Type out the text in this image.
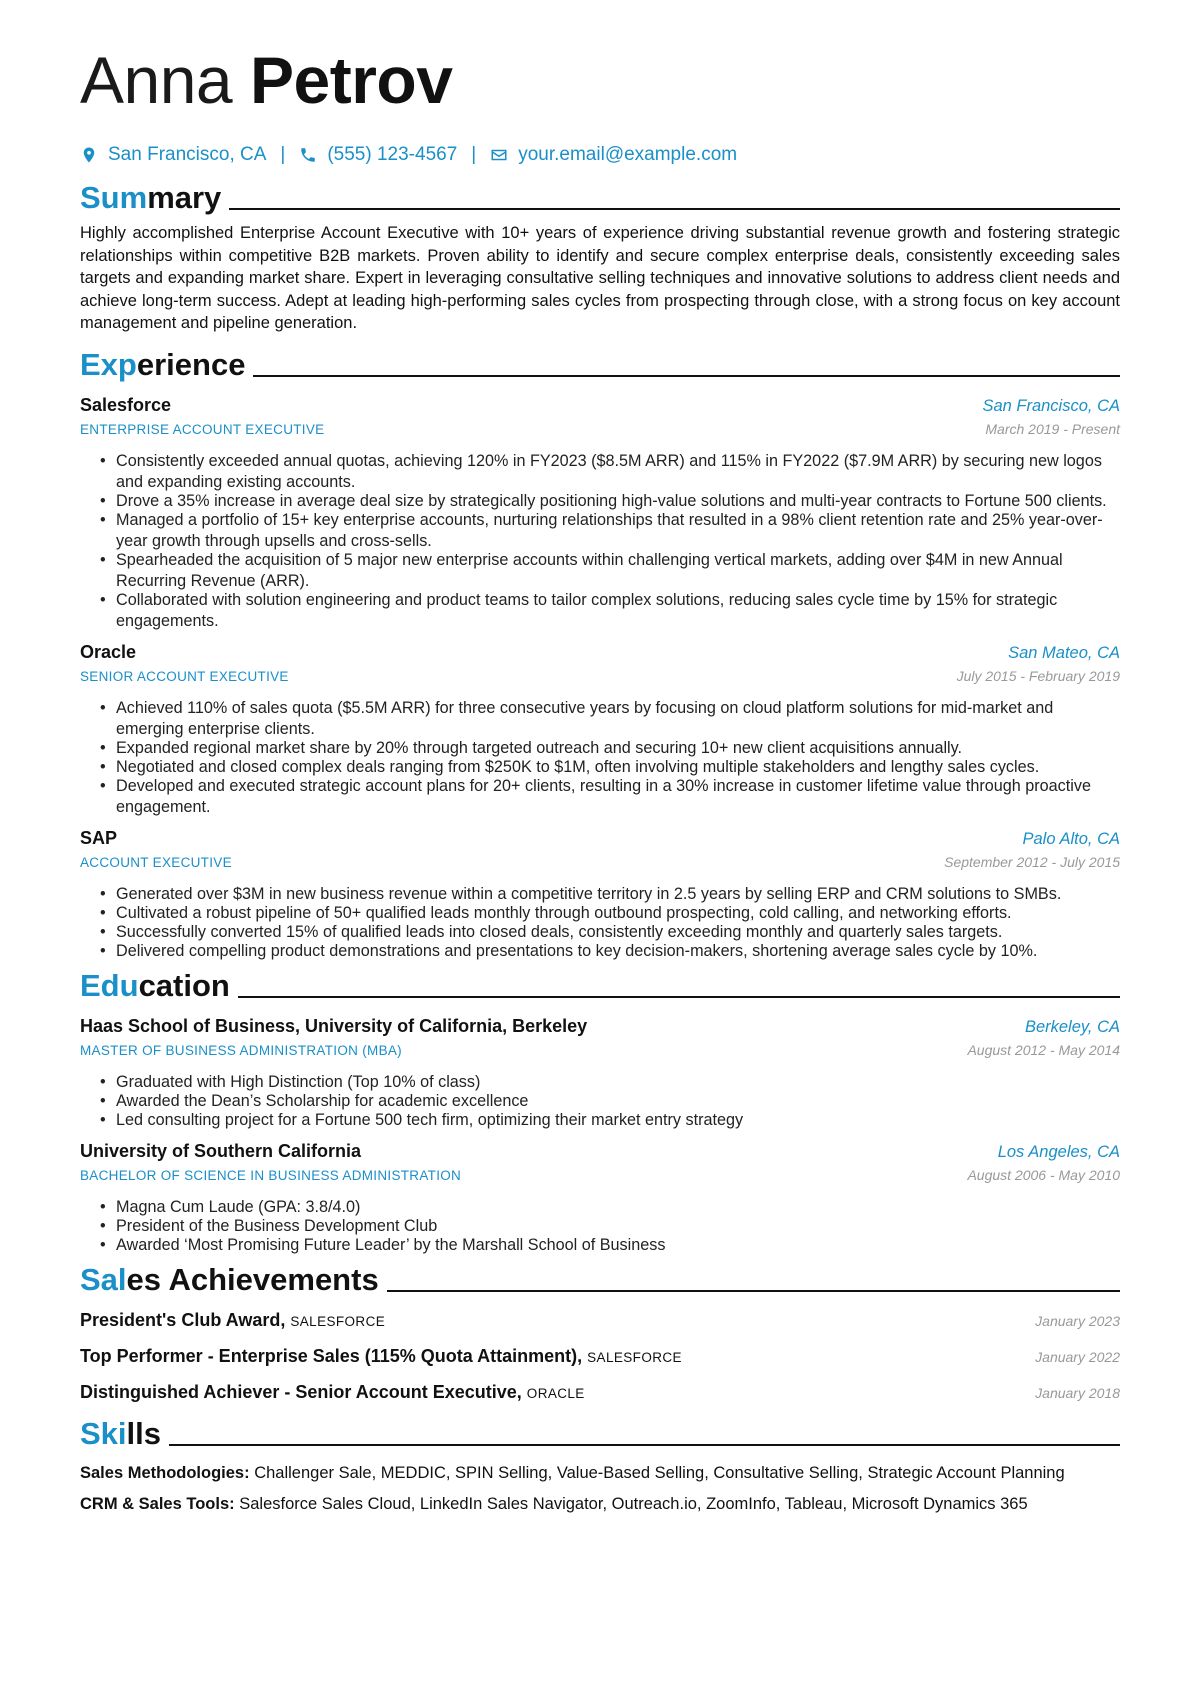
Anna Petrov
San Francisco, CA | (555) 123-4567 | your.email@example.com
Summary
Highly accomplished Enterprise Account Executive with 10+ years of experience driving substantial revenue growth and fostering strategic relationships within competitive B2B markets. Proven ability to identify and secure complex enterprise deals, consistently exceeding sales targets and expanding market share. Expert in leveraging consultative selling techniques and innovative solutions to address client needs and achieve long-term success. Adept at leading high-performing sales cycles from prospecting through close, with a strong focus on key account management and pipeline generation.
Experience
Salesforce	San Francisco, CA
ENTERPRISE ACCOUNT EXECUTIVE	March 2019 - Present
• Consistently exceeded annual quotas, achieving 120% in FY2023 ($8.5M ARR) and 115% in FY2022 ($7.9M ARR) by securing new logos and expanding existing accounts.
• Drove a 35% increase in average deal size by strategically positioning high-value solutions and multi-year contracts to Fortune 500 clients.
• Managed a portfolio of 15+ key enterprise accounts, nurturing relationships that resulted in a 98% client retention rate and 25% year-over-year growth through upsells and cross-sells.
• Spearheaded the acquisition of 5 major new enterprise accounts within challenging vertical markets, adding over $4M in new Annual Recurring Revenue (ARR).
• Collaborated with solution engineering and product teams to tailor complex solutions, reducing sales cycle time by 15% for strategic engagements.
Oracle	San Mateo, CA
SENIOR ACCOUNT EXECUTIVE	July 2015 - February 2019
• Achieved 110% of sales quota ($5.5M ARR) for three consecutive years by focusing on cloud platform solutions for mid-market and emerging enterprise clients.
• Expanded regional market share by 20% through targeted outreach and securing 10+ new client acquisitions annually.
• Negotiated and closed complex deals ranging from $250K to $1M, often involving multiple stakeholders and lengthy sales cycles.
• Developed and executed strategic account plans for 20+ clients, resulting in a 30% increase in customer lifetime value through proactive engagement.
SAP	Palo Alto, CA
ACCOUNT EXECUTIVE	September 2012 - July 2015
• Generated over $3M in new business revenue within a competitive territory in 2.5 years by selling ERP and CRM solutions to SMBs.
• Cultivated a robust pipeline of 50+ qualified leads monthly through outbound prospecting, cold calling, and networking efforts.
• Successfully converted 15% of qualified leads into closed deals, consistently exceeding monthly and quarterly sales targets.
• Delivered compelling product demonstrations and presentations to key decision-makers, shortening average sales cycle by 10%.
Education
Haas School of Business, University of California, Berkeley	Berkeley, CA
MASTER OF BUSINESS ADMINISTRATION (MBA)	August 2012 - May 2014
• Graduated with High Distinction (Top 10% of class)
• Awarded the Dean’s Scholarship for academic excellence
• Led consulting project for a Fortune 500 tech firm, optimizing their market entry strategy
University of Southern California	Los Angeles, CA
BACHELOR OF SCIENCE IN BUSINESS ADMINISTRATION	August 2006 - May 2010
• Magna Cum Laude (GPA: 3.8/4.0)
• President of the Business Development Club
• Awarded ‘Most Promising Future Leader’ by the Marshall School of Business
Sales Achievements
President's Club Award, SALESFORCE	January 2023
Top Performer - Enterprise Sales (115% Quota Attainment), SALESFORCE	January 2022
Distinguished Achiever - Senior Account Executive, ORACLE	January 2018
Skills
Sales Methodologies: Challenger Sale, MEDDIC, SPIN Selling, Value-Based Selling, Consultative Selling, Strategic Account Planning
CRM & Sales Tools: Salesforce Sales Cloud, LinkedIn Sales Navigator, Outreach.io, ZoomInfo, Tableau, Microsoft Dynamics 365
